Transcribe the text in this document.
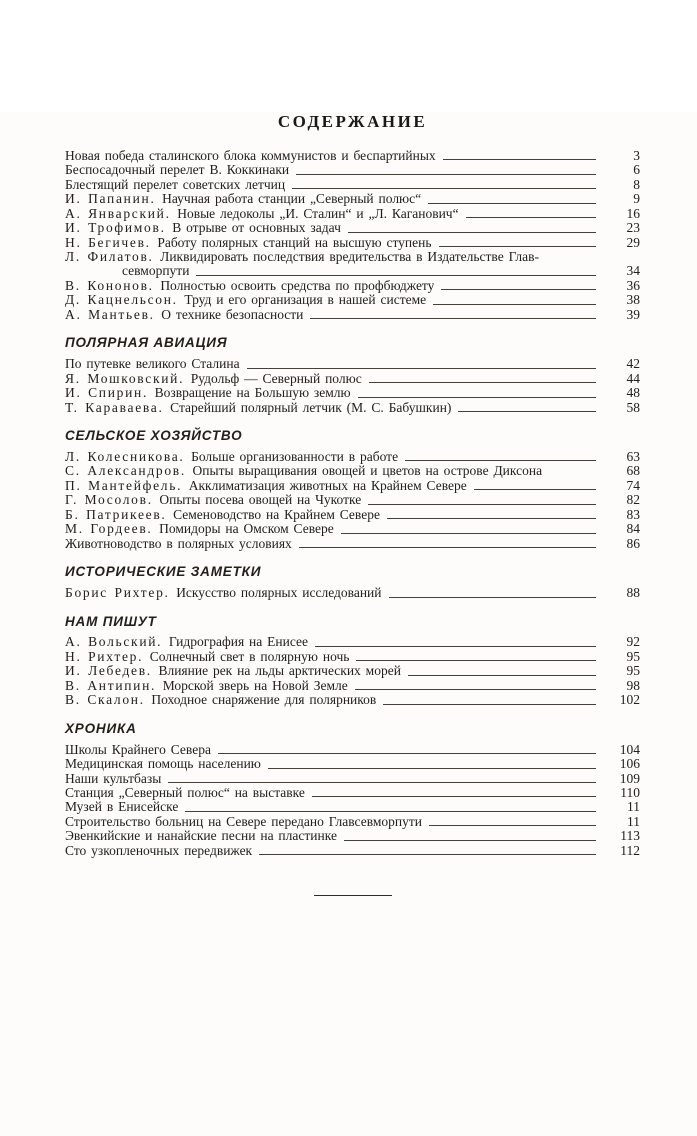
СОДЕРЖАНИЕ
Новая победа сталинского блока коммунистов и беспартийных	3
Беспосадочный перелет В. Коккинаки	6
Блестящий перелет советских летчиц	8
И. Папанин. Научная работа станции „Северный полюс“	9
А. Январский. Новые ледоколы „И. Сталин“ и „Л. Каганович“	16
И. Трофимов. В отрыве от основных задач	23
Н. Бегичев. Работу полярных станций на высшую ступень	29
Л. Филатов. Ликвидировать последствия вредительства в Издательстве Глав-
севморпути	34
В. Кононов. Полностью освоить средства по профбюджету	36
Д. Кацнельсон. Труд и его организация в нашей системе	38
А. Мантьев. О технике безопасности	39
ПОЛЯРНАЯ АВИАЦИЯ
По путевке великого Сталина	42
Я. Мошковский. Рудольф — Северный полюс	44
И. Спирин. Возвращение на Большую землю	48
Т. Караваева. Старейший полярный летчик (М. С. Бабушкин)	58
СЕЛЬСКОЕ ХОЗЯЙСТВО
Л. Колесникова. Больше организованности в работе	63
С. Александров. Опыты выращивания овощей и цветов на острове Диксона	68
П. Мантейфель. Акклиматизация животных на Крайнем Севере	74
Г. Мосолов. Опыты посева овощей на Чукотке	82
Б. Патрикеев. Семеноводство на Крайнем Севере	83
М. Гордеев. Помидоры на Омском Севере	84
Животноводство в полярных условиях	86
ИСТОРИЧЕСКИЕ ЗАМЕТКИ
Борис Рихтер. Искусство полярных исследований	88
НАМ ПИШУТ
А. Вольский. Гидрография на Енисее	92
Н. Рихтер. Солнечный свет в полярную ночь	95
И. Лебедев. Влияние рек на льды арктических морей	95
В. Антипин. Морской зверь на Новой Земле	98
В. Скалон. Походное снаряжение для полярников	102
ХРОНИКА
Школы Крайнего Севера	104
Медицинская помощь населению	106
Наши культбазы	109
Станция „Северный полюс“ на выставке	110
Музей в Енисейске	11
Строительство больниц на Севере передано Главсевморпути	11
Эвенкийские и нанайские песни на пластинке	113
Сто узкопленочных передвижек	112
